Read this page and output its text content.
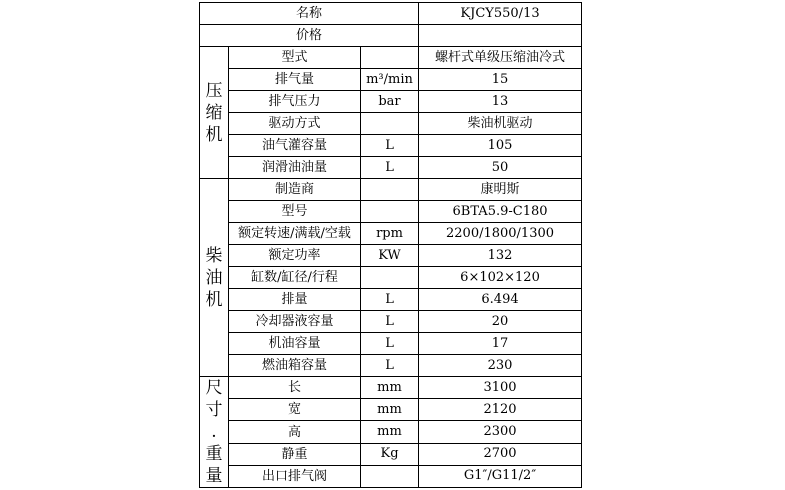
名称			KJCY550/13
价格			

压
缩
机	型式		螺杆式单级压缩油冷式
	排气量	m³/min	15
	排气压力	bar	13
	驱动方式		柴油机驱动
	油气灌容量	L	105
	润滑油油量	L	50

柴
油
机	制造商		康明斯
	型号		6BTA5.9-C180
	额定转速/满载/空载	rpm	2200/1800/1300
	额定功率	KW	132
	缸数/缸径/行程		6×102×120
	排量	L	6.494
	冷却器液容量	L	20
	机油容量	L	17
	燃油箱容量	L	230

尺
寸
.
重
量	长	mm	3100
	宽	mm	2120
	高	mm	2300
	静重	Kg	2700
	出口排气阀		G1″/G11/2″
